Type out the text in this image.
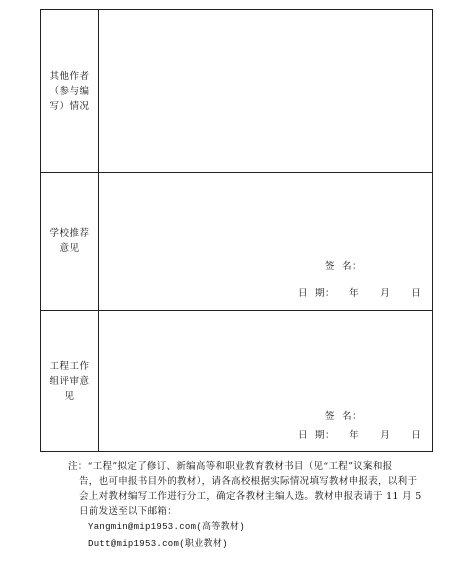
其他作者
（参与编
写）情况
学校推荐
意见
签  名：
日  期：    年      月      日
工程工作
组评审意
见
签  名：
日  期：    年      月      日

注：“工程”拟定了修订、新编高等和职业教育教材书目（见“工程”议案和报

告，也可申报书目外的教材），请各高校根据实际情况填写教材申报表，以利于

会上对教材编写工作进行分工，确定各教材主编人选。教材申报表请于 11 月 5

日前发送至以下邮箱：

Yangmin@mip1953.com(高等教材)

Dutt@mip1953.com(职业教材)
